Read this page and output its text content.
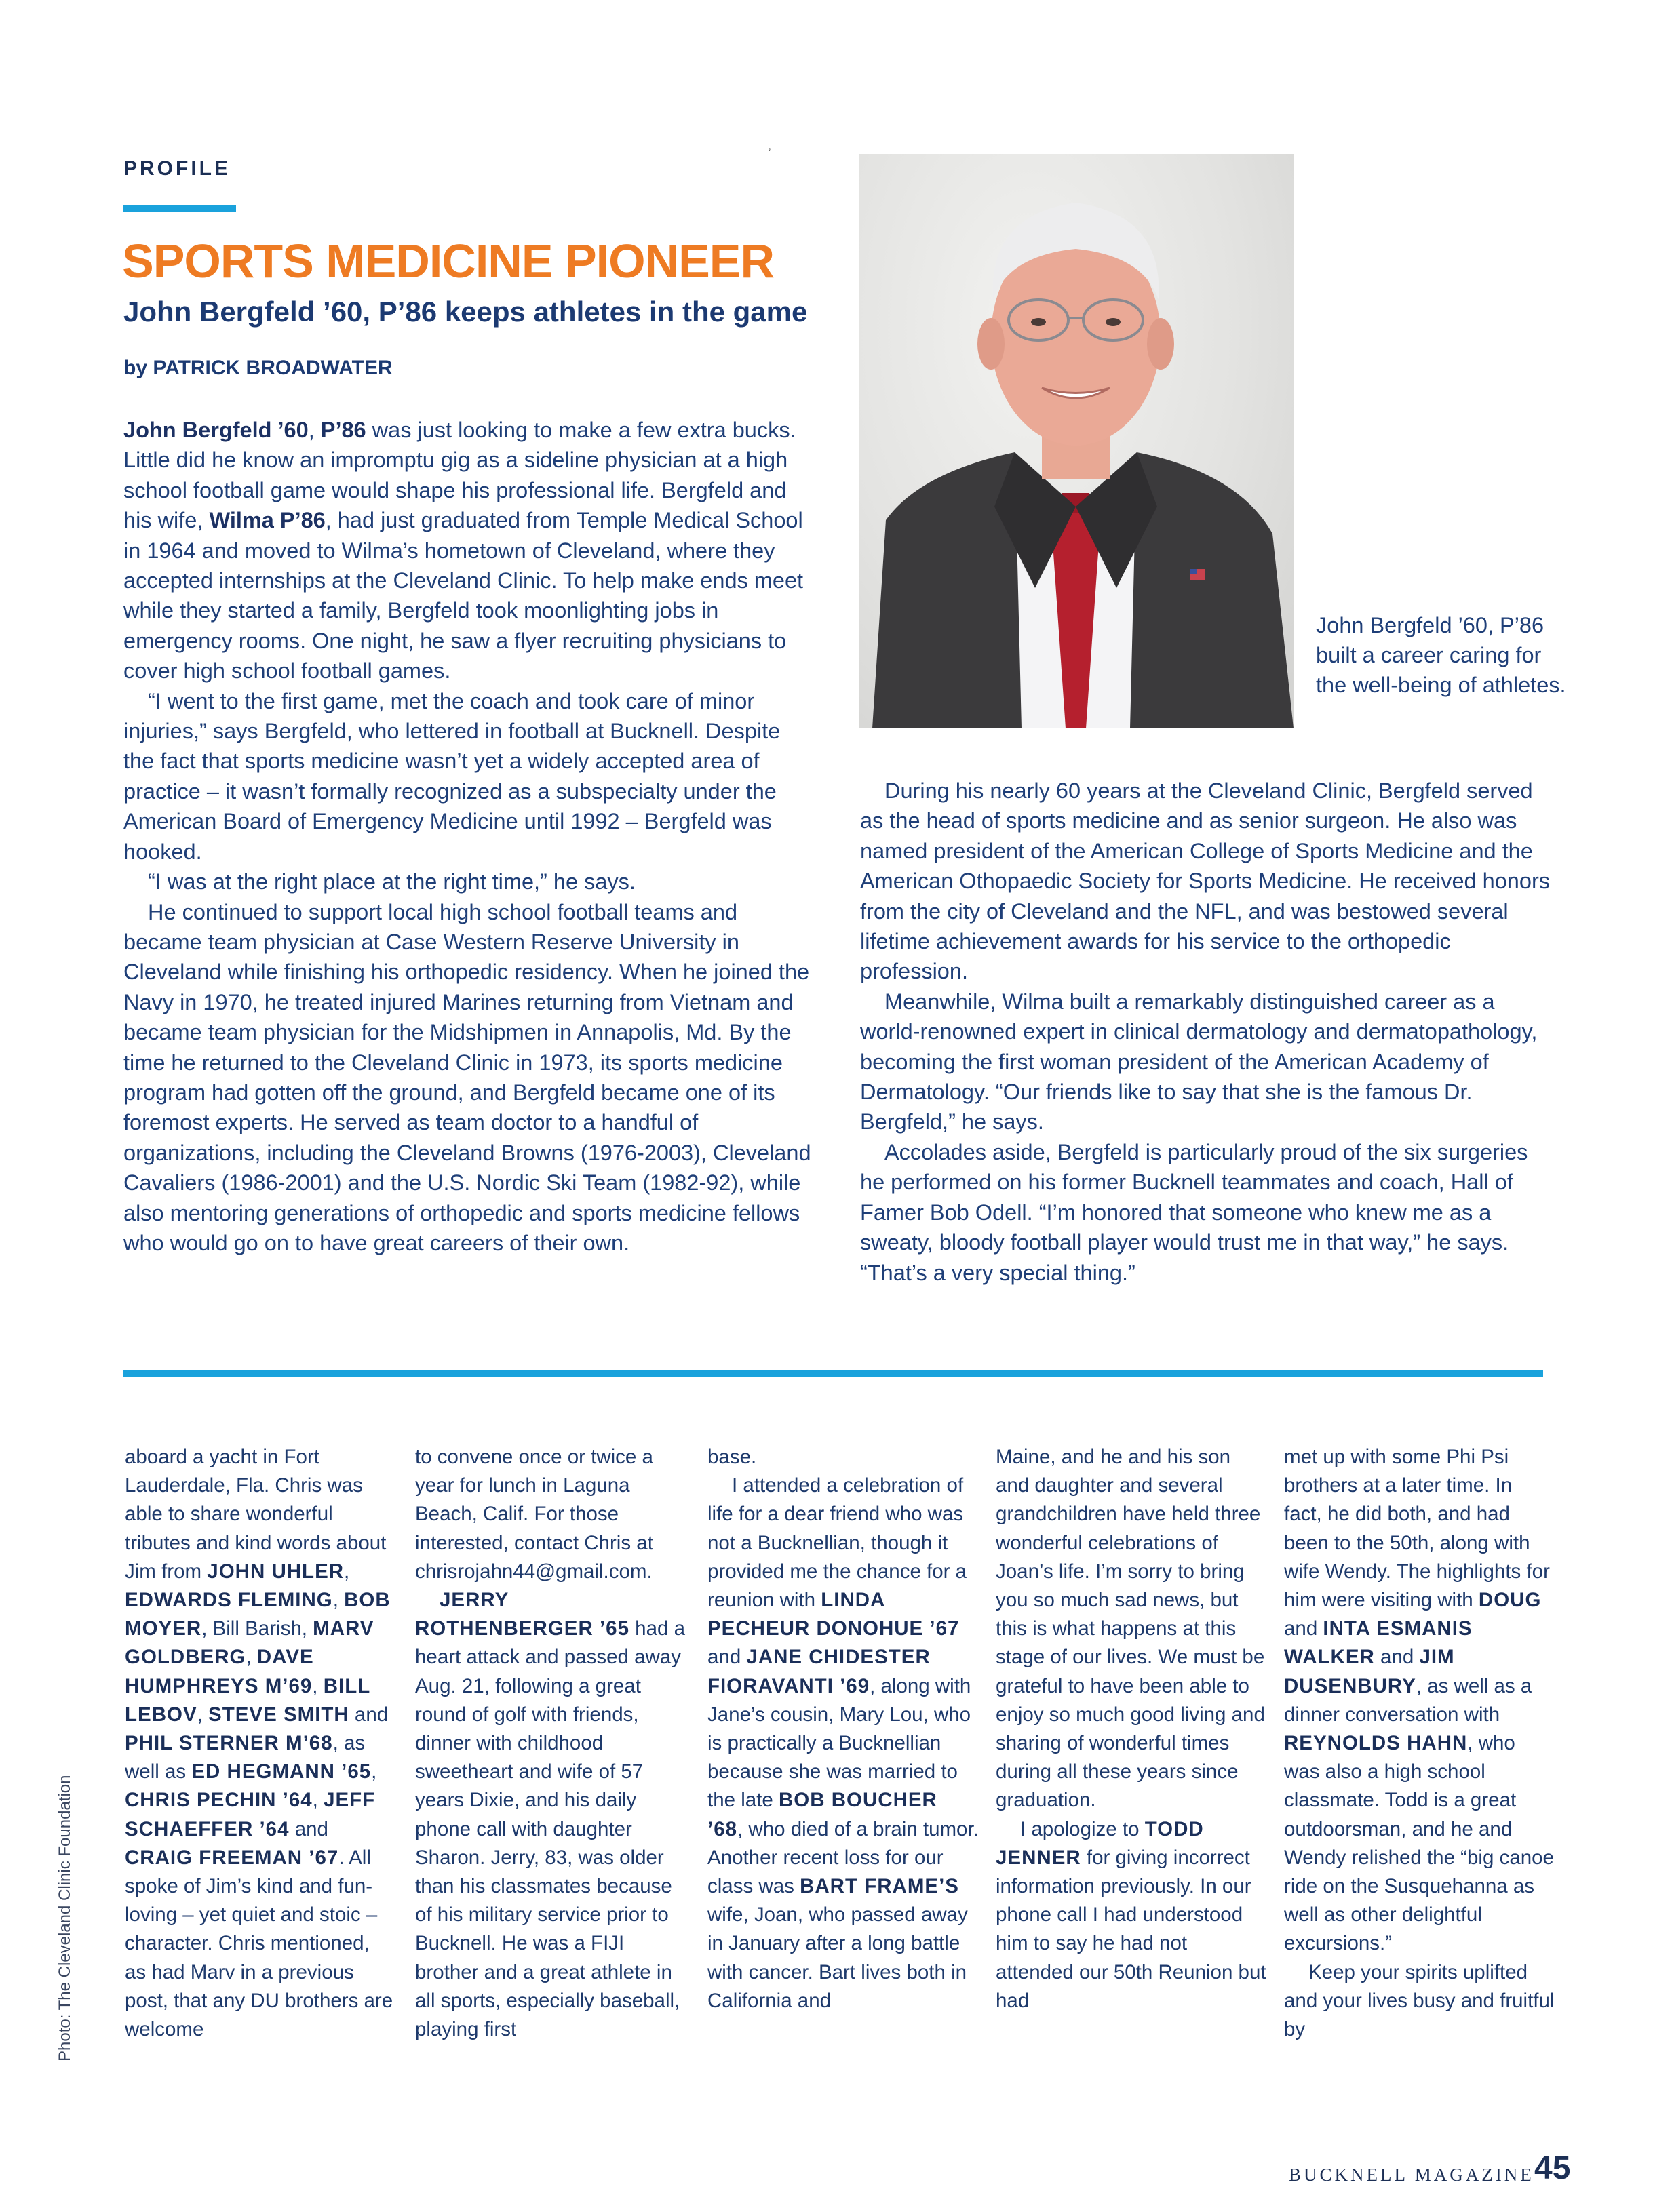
ʼ
PROFILE
SPORTS MEDICINE PIONEER
John Bergfeld ’60, P’86 keeps athletes in the game
by PATRICK BROADWATER

John Bergfeld ’60, P’86 was just looking to make a few extra bucks. Little did he know an impromptu gig as a sideline physician at a high school football game would shape his professional life. Bergfeld and his wife, Wilma P’86, had just graduated from Temple Medical School in 1964 and moved to Wilma’s hometown of Cleveland, where they accepted internships at the Cleveland Clinic. To help make ends meet while they started a family, Bergfeld took moonlighting jobs in emergency rooms. One night, he saw a flyer recruiting physicians to cover high school football games.

“I went to the first game, met the coach and took care of minor injuries,” says Bergfeld, who lettered in football at Bucknell. Despite the fact that sports medicine wasn’t yet a widely accepted area of practice – it wasn’t formally recognized as a subspecialty under the American Board of Emergency Medicine until 1992 – Bergfeld was hooked.

“I was at the right place at the right time,” he says.

He continued to support local high school football teams and became team physician at Case Western Reserve University in Cleveland while finishing his orthopedic residency. When he joined the Navy in 1970, he treated injured Marines returning from Vietnam and became team physician for the Midshipmen in Annapolis, Md. By the time he returned to the Cleveland Clinic in 1973, its sports medicine program had gotten off the ground, and Bergfeld became one of its foremost experts. He served as team doctor to a handful of organizations, including the Cleveland Browns (1976-2003), Cleveland Cavaliers (1986-2001) and the U.S. Nordic Ski Team (1982-92), while also mentoring generations of orthopedic and sports medicine fellows who would go on to have great careers of their own.

John Bergfeld ’60, P’86 built a career caring for the well-being of athletes.

During his nearly 60 years at the Cleveland Clinic, Bergfeld served as the head of sports medicine and as senior surgeon. He also was named president of the American College of Sports Medicine and the American Othopaedic Society for Sports Medicine. He received honors from the city of Cleveland and the NFL, and was bestowed several lifetime achievement awards for his service to the orthopedic profession.

Meanwhile, Wilma built a remarkably distinguished career as a world-renowned expert in clinical dermatology and dermatopathology, becoming the first woman president of the American Academy of Dermatology. “Our friends like to say that she is the famous Dr. Bergfeld,” he says.

Accolades aside, Bergfeld is particularly proud of the six surgeries he performed on his former Bucknell teammates and coach, Hall of Famer Bob Odell. “I’m honored that someone who knew me as a sweaty, bloody football player would trust me in that way,” he says. “That’s a very special thing.”

aboard a yacht in Fort Lauderdale, Fla. Chris was able to share wonderful tributes and kind words about Jim from JOHN UHLER, EDWARDS FLEMING, BOB MOYER, Bill Barish, MARV GOLDBERG, DAVE HUMPHREYS M’69, BILL LEBOV, STEVE SMITH and PHIL STERNER M’68, as well as ED HEGMANN ’65, CHRIS PECHIN ’64, JEFF SCHAEFFER ’64 and CRAIG FREEMAN ’67. All spoke of Jim’s kind and fun-loving – yet quiet and stoic – character. Chris mentioned, as had Marv in a previous post, that any DU brothers are welcome

to convene once or twice a year for lunch in Laguna Beach, Calif. For those interested, contact Chris at chrisrojahn44@gmail.com.

JERRY ROTHENBERGER ’65 had a heart attack and passed away Aug. 21, following a great round of golf with friends, dinner with childhood sweetheart and wife of 57 years Dixie, and his daily phone call with daughter Sharon. Jerry, 83, was older than his classmates because of his military service prior to Bucknell. He was a FIJI brother and a great athlete in all sports, especially baseball, playing first

base.

I attended a celebration of life for a dear friend who was not a Bucknellian, though it provided me the chance for a reunion with LINDA PECHEUR DONOHUE ’67 and JANE CHIDESTER FIORAVANTI ’69, along with Jane’s cousin, Mary Lou, who is practically a Bucknellian because she was married to the late BOB BOUCHER ’68, who died of a brain tumor. Another recent loss for our class was BART FRAME’S wife, Joan, who passed away in January after a long battle with cancer. Bart lives both in California and

Maine, and he and his son and daughter and several grandchildren have held three wonderful celebrations of Joan’s life. I’m sorry to bring you so much sad news, but this is what happens at this stage of our lives. We must be grateful to have been able to enjoy so much good living and sharing of wonderful times during all these years since graduation.

I apologize to TODD JENNER for giving incorrect information previously. In our phone call I had understood him to say he had not attended our 50th Reunion but had

met up with some Phi Psi brothers at a later time. In fact, he did both, and had been to the 50th, along with wife Wendy. The highlights for him were visiting with DOUG and INTA ESMANIS WALKER and JIM DUSENBURY, as well as a dinner conversation with REYNOLDS HAHN, who was also a high school classmate. Todd is a great outdoorsman, and he and Wendy relished the “big canoe ride on the Susquehanna as well as other delightful excursions.”

Keep your spirits uplifted and your lives busy and fruitful by

Photo: The Cleveland Clinic Foundation
BUCKNELL MAGAZINE 45
